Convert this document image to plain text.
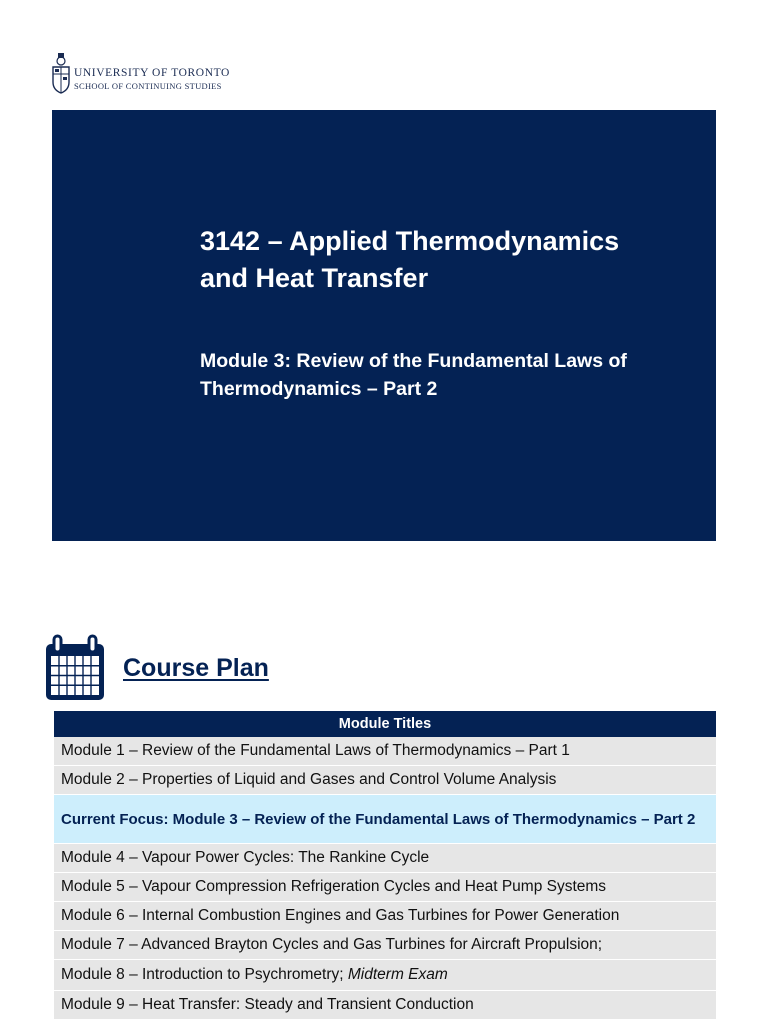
UNIVERSITY OF TORONTO
SCHOOL OF CONTINUING STUDIES
3142 – Applied Thermodynamics and Heat Transfer
Module 3: Review of the Fundamental Laws of Thermodynamics – Part 2
Course Plan
Module Titles
Module 1 – Review of the Fundamental Laws of Thermodynamics – Part 1
Module 2 – Properties of Liquid and Gases and Control Volume Analysis
Current Focus: Module 3 – Review of the Fundamental Laws of Thermodynamics – Part 2
Module 4 – Vapour Power Cycles: The Rankine Cycle
Module 5 – Vapour Compression Refrigeration Cycles and Heat Pump Systems
Module 6 – Internal Combustion Engines and Gas Turbines for Power Generation
Module 7 – Advanced Brayton Cycles and Gas Turbines for Aircraft Propulsion;
Module 8 – Introduction to Psychrometry; Midterm Exam
Module 9 – Heat Transfer: Steady and Transient Conduction
